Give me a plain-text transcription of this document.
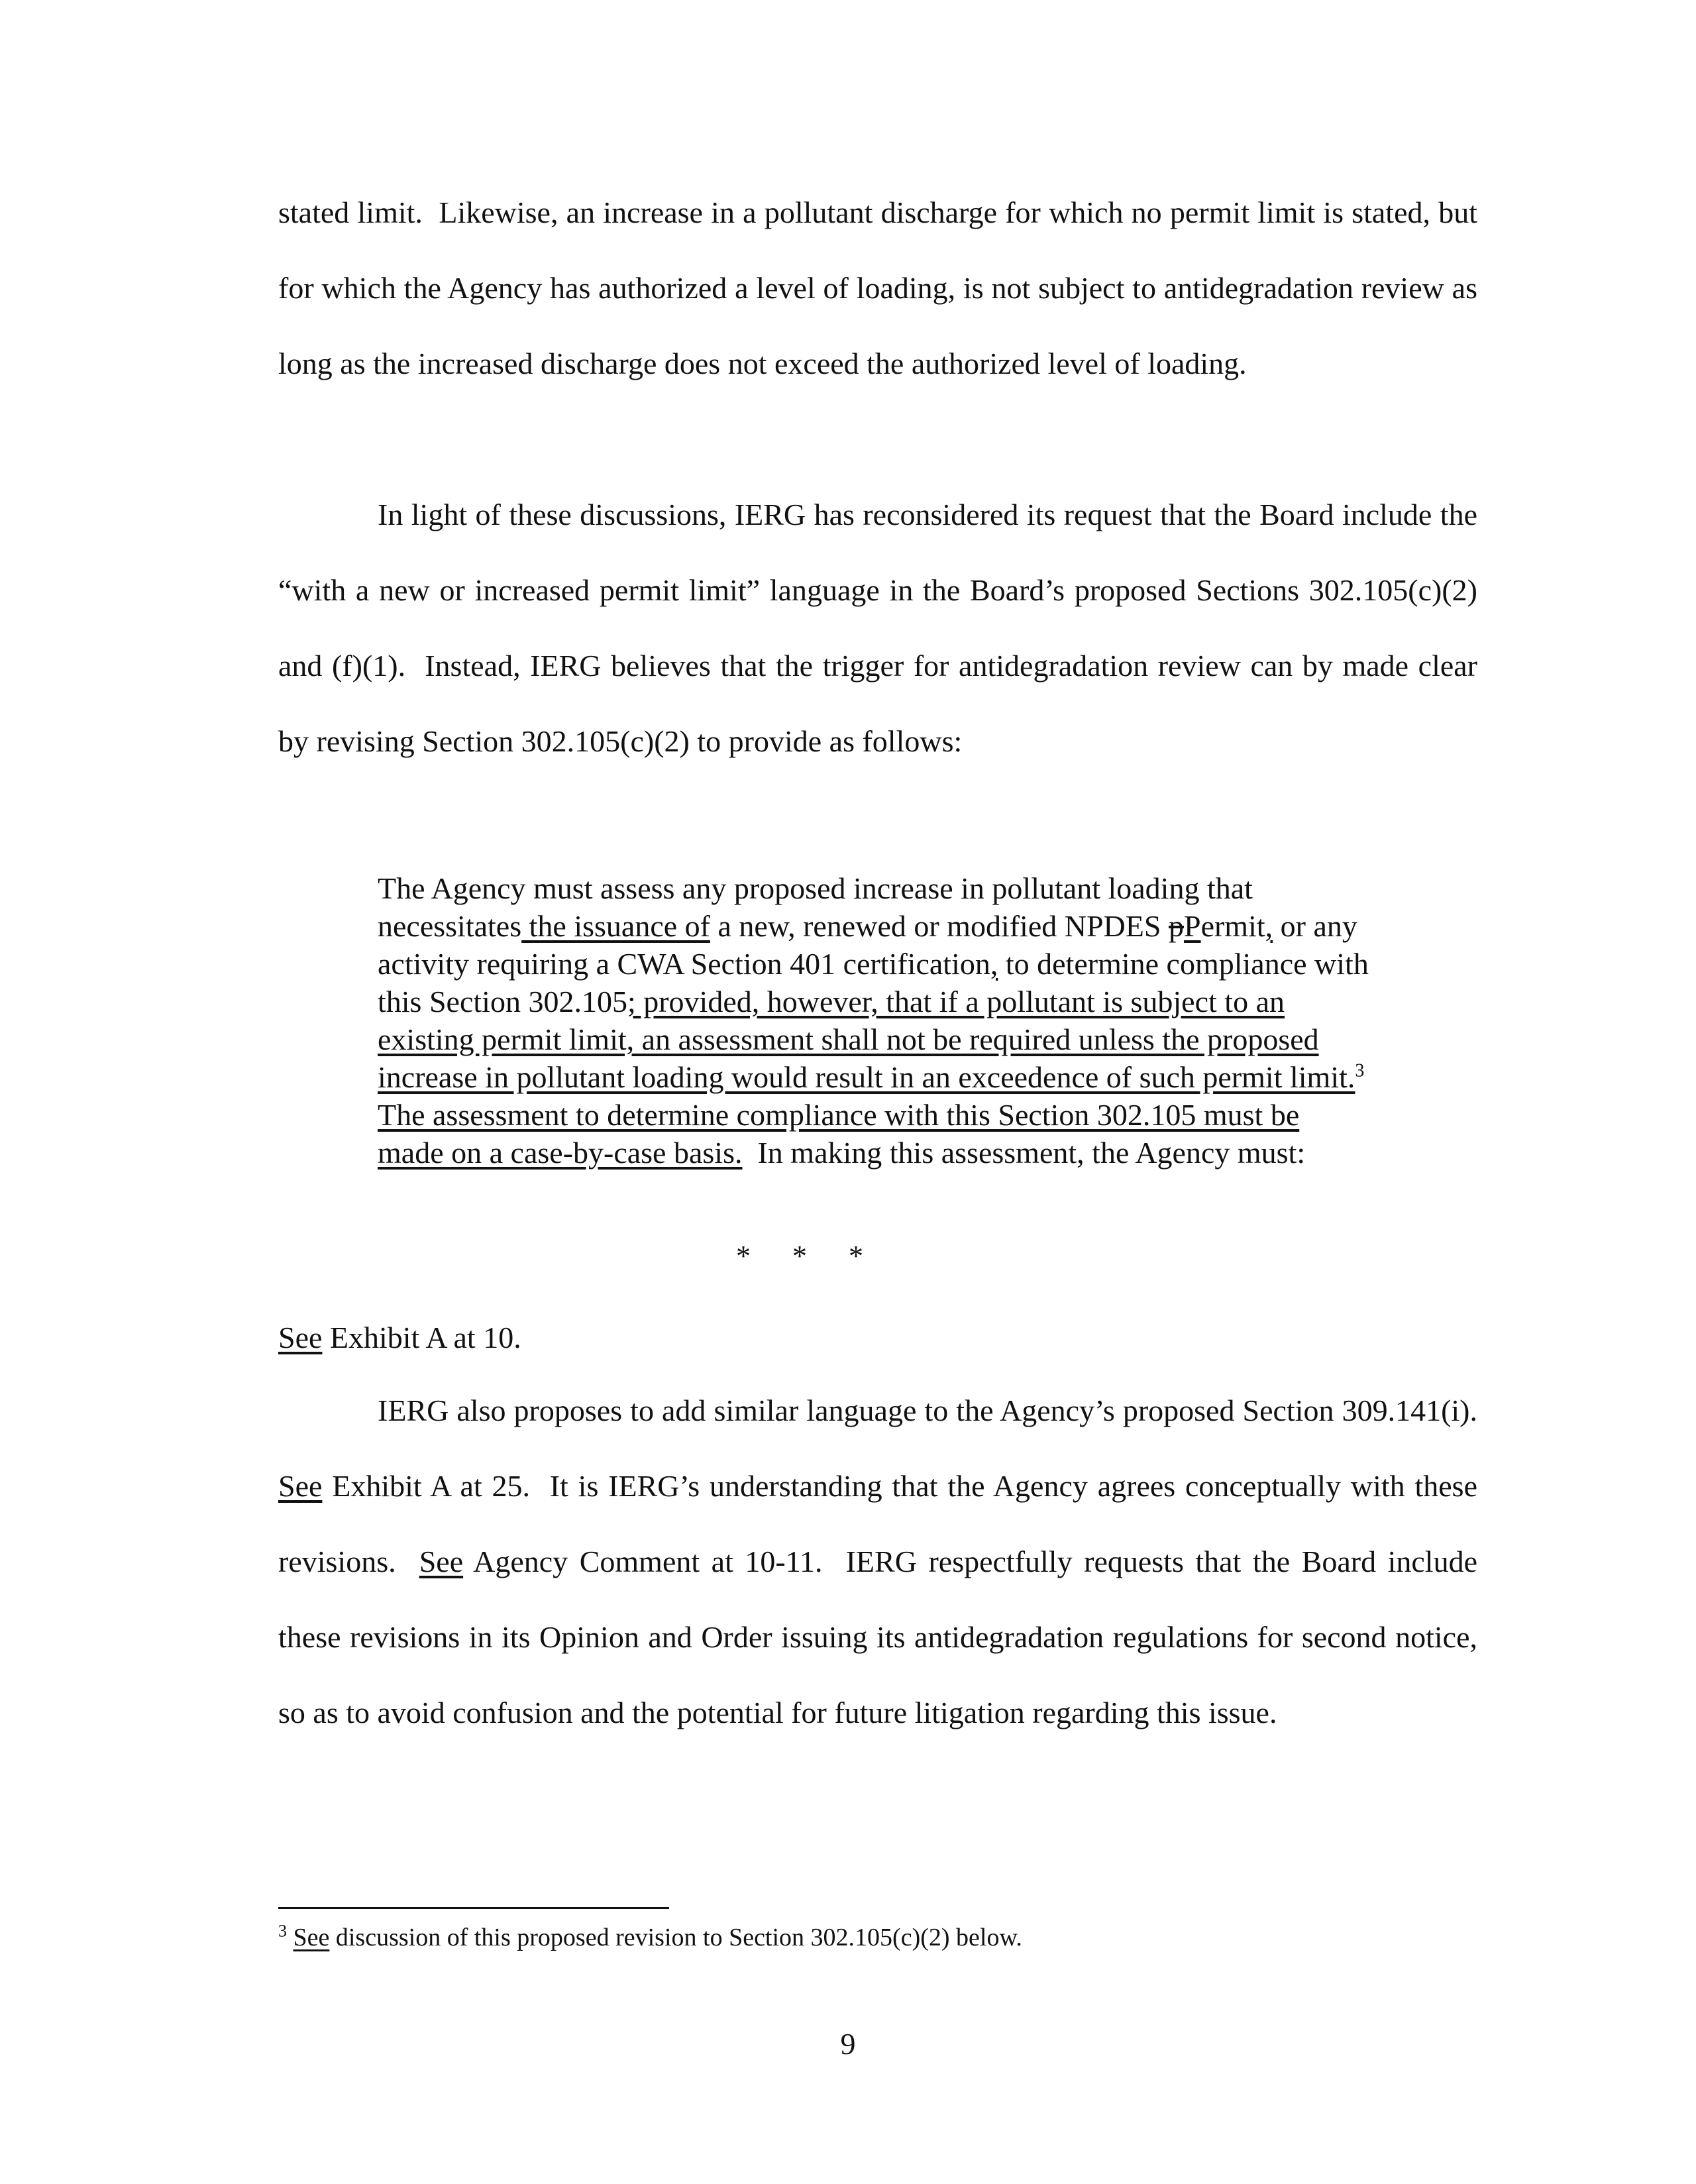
stated limit.  Likewise, an increase in a pollutant discharge for which no permit limit is stated, but for which the Agency has authorized a level of loading, is not subject to antidegradation review as long as the increased discharge does not exceed the authorized level of loading.
In light of these discussions, IERG has reconsidered its request that the Board include the “with a new or increased permit limit” language in the Board’s proposed Sections 302.105(c)(2) and (f)(1).  Instead, IERG believes that the trigger for antidegradation review can by made clear by revising Section 302.105(c)(2) to provide as follows:
The Agency must assess any proposed increase in pollutant loading that necessitates the issuance of a new, renewed or modified NPDES pPermit, or any activity requiring a CWA Section 401 certification, to determine compliance with this Section 302.105; provided, however, that if a pollutant is subject to an existing permit limit, an assessment shall not be required unless the proposed increase in pollutant loading would result in an exceedence of such permit limit.$^3$  The assessment to determine compliance with this Section 302.105 must be made on a case-by-case basis.  In making this assessment, the Agency must:
* * *
See Exhibit A at 10.
IERG also proposes to add similar language to the Agency’s proposed Section 309.141(i).  See Exhibit A at 25.  It is IERG’s understanding that the Agency agrees conceptually with these revisions.  See Agency Comment at 10-11.  IERG respectfully requests that the Board include these revisions in its Opinion and Order issuing its antidegradation regulations for second notice, so as to avoid confusion and the potential for future litigation regarding this issue.
$^3$ See discussion of this proposed revision to Section 302.105(c)(2) below.
9
